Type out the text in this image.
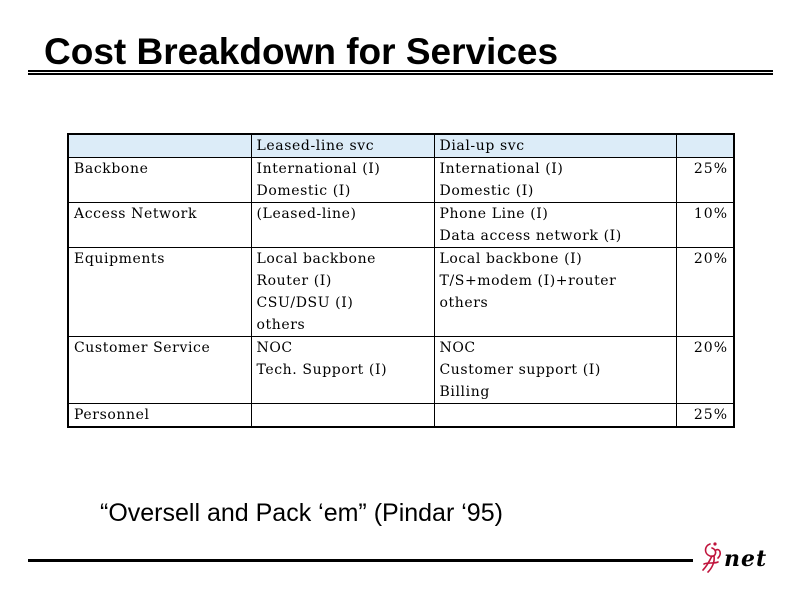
Cost Breakdown for Services
	Leased-line svc	Dial-up svc	
Backbone	International (I)	International (I)	25%
	Domestic (I)	Domestic (I)	
Access Network	(Leased-line)	Phone Line (I)	10%
		Data access network (I)	
Equipments	Local backbone	Local backbone (I)	20%
	Router (I)	T/S+modem (I)+router	
	CSU/DSU (I)	others	
	others		
Customer Service	NOC	NOC	20%
	Tech. Support (I)	Customer support (I)	
		Billing	
Personnel			25%

“Oversell and Pack ‘em” (Pindar ‘95)

net
